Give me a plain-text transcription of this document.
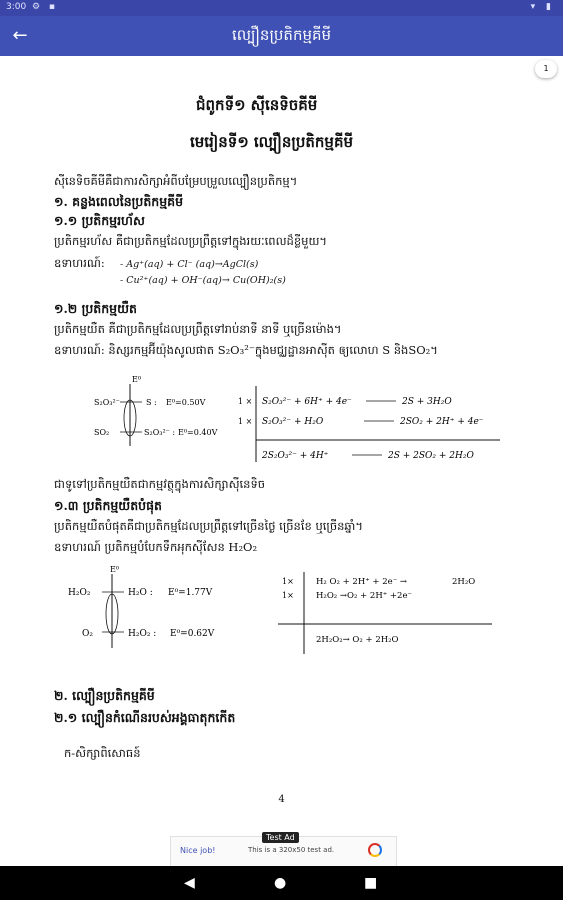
3:00 ⚙ ▪	▾ ▮
←	ល្បឿនប្រតិកម្មគីមី
ជំពូកទី១ ស៊ីនេទិចគីមី
មេរៀនទី១ ល្បឿនប្រតិកម្មគីមី
ស៊ីនេទិចគីមីគឺជាការសិក្សាអំពីបម្រែបម្រួលល្បឿនប្រតិកម្ម។
១. គន្លងពេលនៃប្រតិកម្មគីមី
១.១ ប្រតិកម្មរហ័ស
ប្រតិកម្មរហ័ស គឺជាប្រតិកម្មដែលប្រព្រឹត្តទៅក្នុងរយៈពេលដ៏ខ្លីមួយ។
ឧទាហរណ៍: - Ag⁺(aq) + Cl⁻ (aq)→AgCl(s)
- Cu²⁺(aq) + OH⁻(aq)→ Cu(OH)₂(s)
១.២ ប្រតិកម្មយឺត
ប្រតិកម្មយឺត គឺជាប្រតិកម្មដែលប្រព្រឹត្តទៅរាប់នាទី នាទី ឬច្រើនម៉ោង។
ឧទាហរណ៍: និស្សរកម្មអ៊ីយ៉ុងសូលផាត S₂O₃²⁻ក្នុងមជ្ឈដ្ឋានអាស៊ីត ឲ្យលោហ S និងSO₂។
E⁰
S₂O₃²⁻	S : E⁰=0.50V
SO₂	S₂O₃²⁻ : E⁰=0.40V
1 × S₂O₃²⁻ + 6H⁺ + 4e⁻	2S + 3H₂O
1 × S₂O₃²⁻ + H₂O	2SO₂ + 2H⁺ + 4e⁻
2S₂O₃²⁻ + 4H⁺	2S + 2SO₂ + 2H₂O
ជាទូទៅប្រតិកម្មយឺតជាកម្មវត្ថុក្នុងការសិក្សាស៊ីនេទិច
១.៣ ប្រតិកម្មយឺតបំផុត
ប្រតិកម្មយឺតបំផុតគឺជាប្រតិកម្មដែលប្រព្រឹត្តទៅច្រើនថ្ងៃ ច្រើនខែ ឬច្រើនឆ្នាំ។
ឧទាហរណ៍ ប្រតិកម្មបំបែកទឹកអុកស៊ីសែន H₂O₂
E⁰
H₂O₂	H₂O : E⁰=1.77V
O₂	H₂O₂ : E⁰=0.62V
1×	H₂ O₂ + 2H⁺ + 2e⁻ →	2H₂O
1×	H₂O₂ →O₂ + 2H⁺ +2e⁻
2H₂O₂→ O₂ + 2H₂O
២. ល្បឿនប្រតិកម្មគីមី
២.១ ល្បឿនកំណើនរបស់អង្គធាតុកកើត
ក-សិក្សាពិសោធន៍
4
1
Test Ad
Nice job!	This is a 320x50 test ad.
◀	●	■
